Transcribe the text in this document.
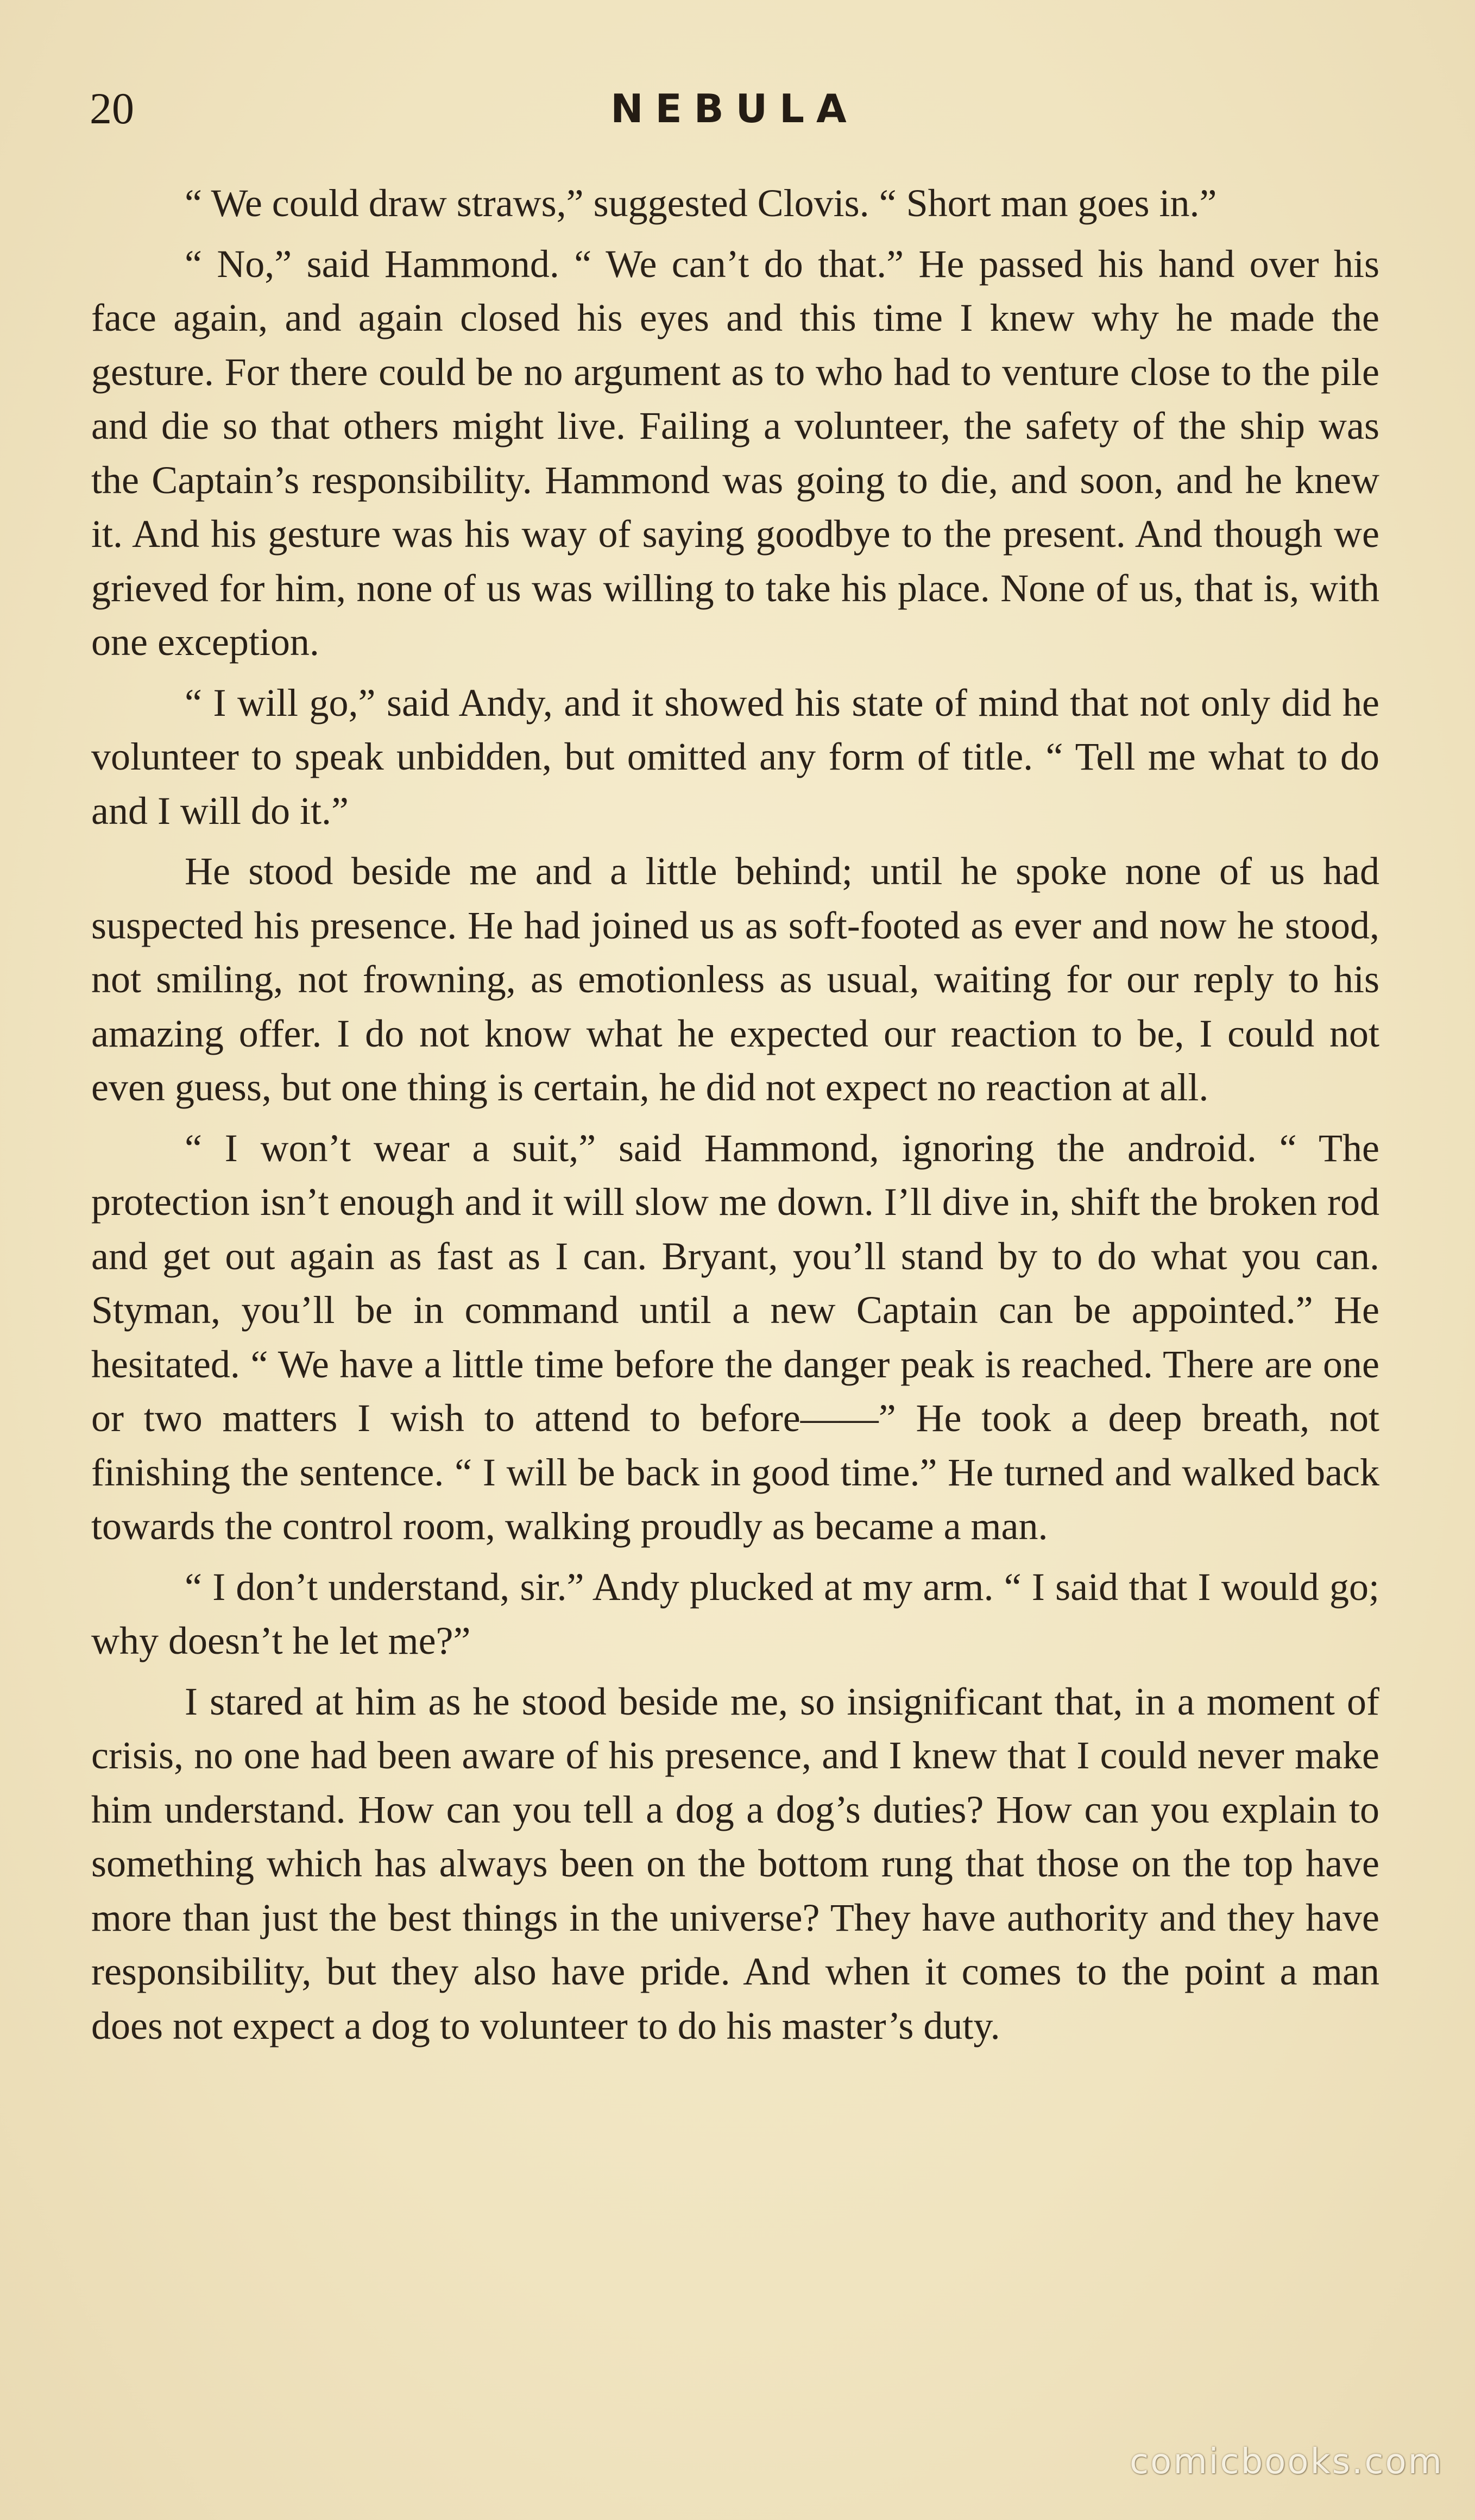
20	NEBULA

“ We could draw straws,” suggested Clovis. “ Short man goes in.”

“ No,” said Hammond. “ We can’t do that.” He passed his hand over his face again, and again closed his eyes and this time I knew why he made the gesture. For there could be no argument as to who had to venture close to the pile and die so that others might live. Failing a volunteer, the safety of the ship was the Captain’s responsibility. Hammond was going to die, and soon, and he knew it. And his gesture was his way of saying goodbye to the present. And though we grieved for him, none of us was willing to take his place. None of us, that is, with one exception.

“ I will go,” said Andy, and it showed his state of mind that not only did he volunteer to speak unbidden, but omitted any form of title. “ Tell me what to do and I will do it.”

He stood beside me and a little behind; until he spoke none of us had suspected his presence. He had joined us as soft-footed as ever and now he stood, not smiling, not frowning, as emotionless as usual, waiting for our reply to his amazing offer. I do not know what he expected our reaction to be, I could not even guess, but one thing is certain, he did not expect no reaction at all.

“ I won’t wear a suit,” said Hammond, ignoring the android. “ The protection isn’t enough and it will slow me down. I’ll dive in, shift the broken rod and get out again as fast as I can. Bryant, you’ll stand by to do what you can. Styman, you’ll be in command until a new Captain can be appointed.” He hesitated. “ We have a little time before the danger peak is reached. There are one or two matters I wish to attend to before——” He took a deep breath, not finishing the sentence. “ I will be back in good time.” He turned and walked back towards the control room, walking proudly as became a man.

“ I don’t understand, sir.” Andy plucked at my arm. “ I said that I would go; why doesn’t he let me?”

I stared at him as he stood beside me, so insignificant that, in a moment of crisis, no one had been aware of his presence, and I knew that I could never make him understand. How can you tell a dog a dog’s duties? How can you explain to something which has always been on the bottom rung that those on the top have more than just the best things in the universe? They have authority and they have responsibility, but they also have pride. And when it comes to the point a man does not expect a dog to volunteer to do his master’s duty.

comicbooks.com
